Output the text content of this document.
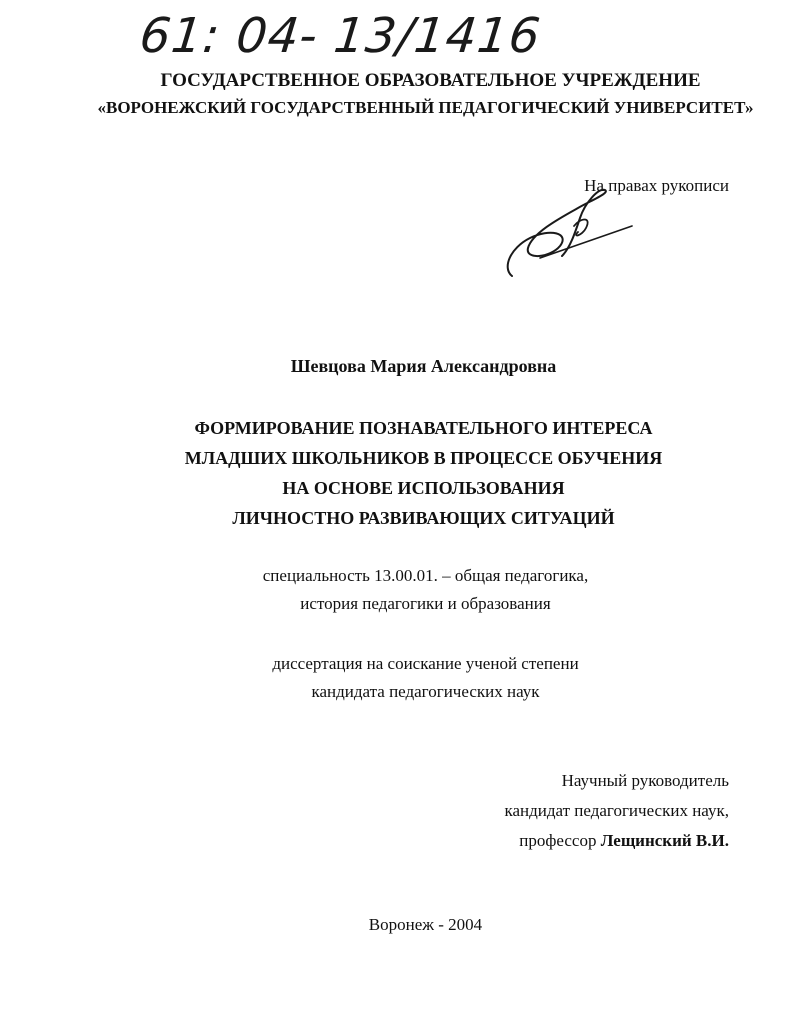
61: 04- 13/1416
ГОСУДАРСТВЕННОЕ ОБРАЗОВАТЕЛЬНОЕ УЧРЕЖДЕНИЕ
«ВОРОНЕЖСКИЙ ГОСУДАРСТВЕННЫЙ ПЕДАГОГИЧЕСКИЙ УНИВЕРСИТЕТ»
На правах рукописи
Шевцова Мария Александровна
ФОРМИРОВАНИЕ ПОЗНАВАТЕЛЬНОГО ИНТЕРЕСА
МЛАДШИХ ШКОЛЬНИКОВ В ПРОЦЕССЕ ОБУЧЕНИЯ
НА ОСНОВЕ ИСПОЛЬЗОВАНИЯ
ЛИЧНОСТНО РАЗВИВАЮЩИХ СИТУАЦИЙ
специальность 13.00.01. – общая педагогика,
история педагогики и образования
диссертация на соискание ученой степени
кандидата педагогических наук
Научный руководитель
кандидат педагогических наук,
профессор Лещинский В.И.
Воронеж - 2004
